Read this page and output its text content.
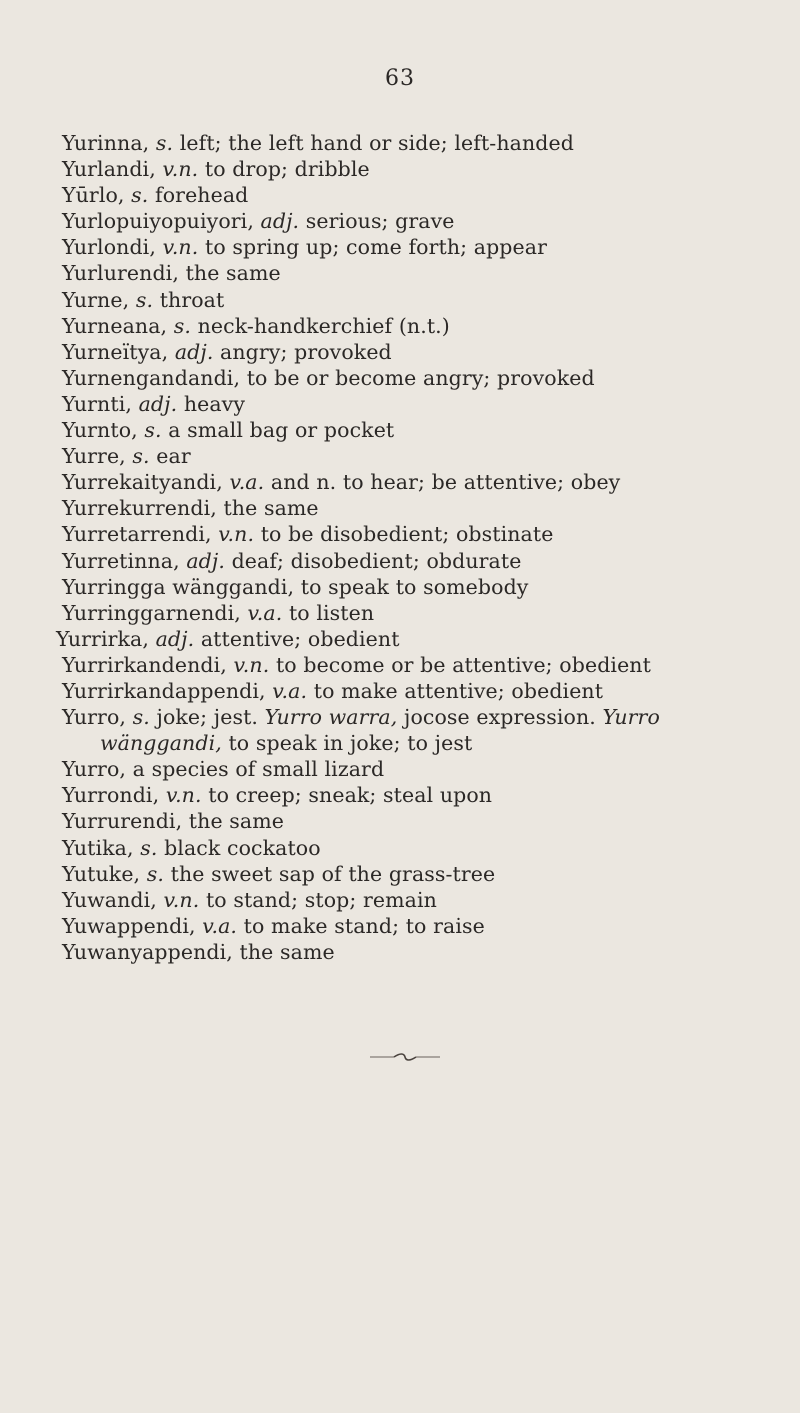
63
Yurinna, s. left; the left hand or side; left-handed
Yurlandi, v.n. to drop; dribble
Yūrlo, s. forehead
Yurlopuiyopuiyori, adj. serious; grave
Yurlondi, v.n. to spring up; come forth; appear
Yurlurendi, the same
Yurne, s. throat
Yurneana, s. neck-handkerchief (n.t.)
Yurneïtya, adj. angry; provoked
Yurnengandandi, to be or become angry; provoked
Yurnti, adj. heavy
Yurnto, s. a small bag or pocket
Yurre, s. ear
Yurrekaityandi, v.a. and n. to hear; be attentive; obey
Yurrekurrendi, the same
Yurretarrendi, v.n. to be disobedient; obstinate
Yurretinna, adj. deaf; disobedient; obdurate
Yurringga wänggandi, to speak to somebody
Yurringgarnendi, v.a. to listen
Yurrirka, adj. attentive; obedient
Yurrirkandendi, v.n. to become or be attentive; obedient
Yurrirkandappendi, v.a. to make attentive; obedient
Yurro, s. joke; jest. Yurro warra, jocose expression. Yurro
wänggandi, to speak in joke; to jest
Yurro, a species of small lizard
Yurrondi, v.n. to creep; sneak; steal upon
Yurrurendi, the same
Yutika, s. black cockatoo
Yutuke, s. the sweet sap of the grass-tree
Yuwandi, v.n. to stand; stop; remain
Yuwappendi, v.a. to make stand; to raise
Yuwanyappendi, the same
